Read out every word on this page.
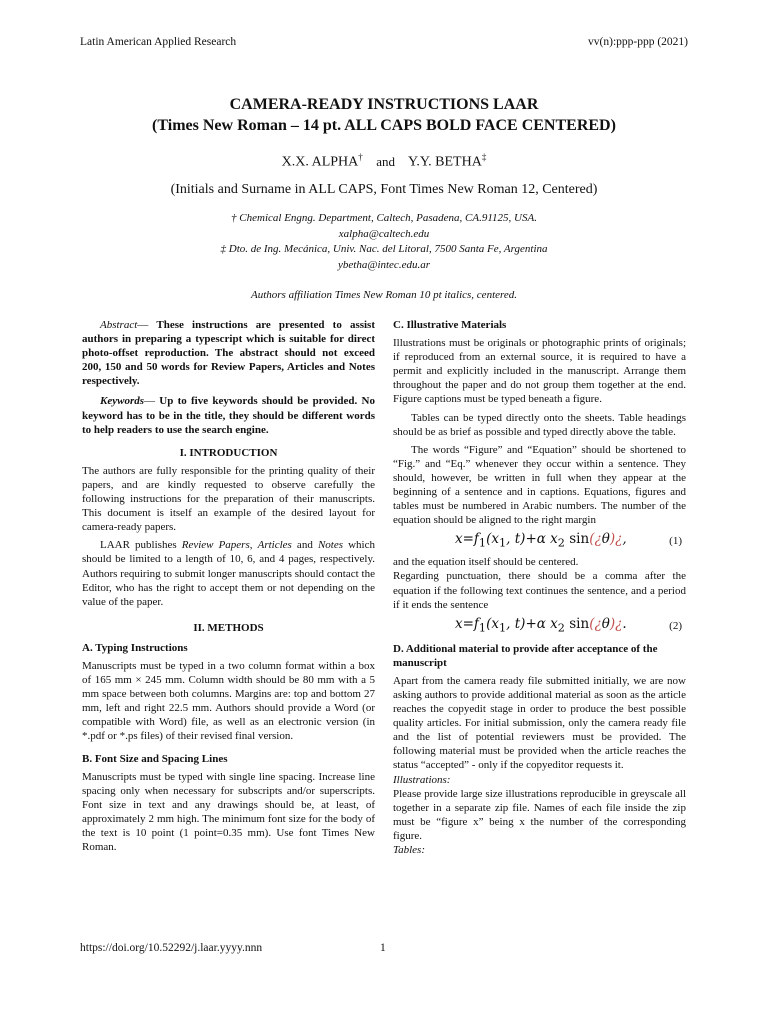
Latin American Applied Research	vv(n):ppp-ppp (2021)
CAMERA-READY INSTRUCTIONS LAAR
(Times New Roman – 14 pt. ALL CAPS BOLD FACE CENTERED)
X.X. ALPHA† and Y.Y. BETHA‡
(Initials and Surname in ALL CAPS, Font Times New Roman 12, Centered)
† Chemical Engng. Department, Caltech, Pasadena, CA.91125, USA.
xalpha@caltech.edu
‡ Dto. de Ing. Mecánica, Univ. Nac. del Litoral, 7500 Santa Fe, Argentina
ybetha@intec.edu.ar
Authors affiliation Times New Roman 10 pt italics, centered.

Abstract— These instructions are presented to assist authors in preparing a typescript which is suitable for direct photo-offset reproduction. The abstract should not exceed 200, 150 and 50 words for Review Papers, Articles and Notes respectively.

Keywords— Up to five keywords should be provided. No keyword has to be in the title, they should be different words to help readers to use the search engine.

I. INTRODUCTION

The authors are fully responsible for the printing quality of their papers, and are kindly requested to observe carefully the following instructions for the preparation of their manuscripts. This document is itself an example of the desired layout for camera-ready papers.

LAAR publishes Review Papers, Articles and Notes which should be limited to a length of 10, 6, and 4 pages, respectively. Authors requiring to submit longer manuscripts should contact the Editor, who has the right to accept them or not depending on the value of the paper.

II. METHODS
A. Typing Instructions

Manuscripts must be typed in a two column format within a box of 165 mm × 245 mm. Column width should be 80 mm with a 5 mm space between both columns. Margins are: top and bottom 27 mm, left and right 22.5 mm. Authors should provide a Word (or compatible with Word) file, as well as an electronic version (in *.pdf or *.ps files) of their revised final version.

B. Font Size and Spacing Lines

Manuscripts must be typed with single line spacing. Increase line spacing only when necessary for subscripts and/or superscripts. Font size in text and any drawings should be, at least, of approximately 2 mm high. The minimum font size for the body of the text is 10 point (1 point=0.35 mm). Use font Times New Roman.

C. Illustrative Materials

Illustrations must be originals or photographic prints of originals; if reproduced from an external source, it is required to have a permit and explicitly included in the manuscript. Arrange them throughout the paper and do not group them together at the end. Figure captions must be typed beneath a figure.

Tables can be typed directly onto the sheets. Table headings should be as brief as possible and typed directly above the table.

The words “Figure” and “Equation” should be shortened to “Fig.” and “Eq.” whenever they occur within a sentence. They should, however, be written in full when they appear at the beginning of a sentence and in captions. Equations, figures and tables must be numbered in Arabic numbers. The number of the equation should be aligned to the right margin

$x=f_1(x_1$, t)+α $x_2$ sin(¿θ)¿,	(1)

and the equation itself should be centered.

Regarding punctuation, there should be a comma after the equation if the following text continues the sentence, and a period if it ends the sentence

$x=f_1(x_1$, t)+α $x_2$ sin(¿θ)¿.	(2)
D. Additional material to provide after acceptance of the manuscript

Apart from the camera ready file submitted initially, we are now asking authors to provide additional material as soon as the article reaches the copyedit stage in order to produce the best possible quality articles. For initial submission, only the camera ready file and the list of potential reviewers must be provided. The following material must be provided when the article reaches the status “accepted” - only if the copyeditor requests it.

Illustrations:

Please provide large size illustrations reproducible in greyscale all together in a separate zip file. Names of each file inside the zip must be “figure x” being x the number of the corresponding figure.

Tables:

https://doi.org/10.52292/j.laar.yyyy.nnn	1
